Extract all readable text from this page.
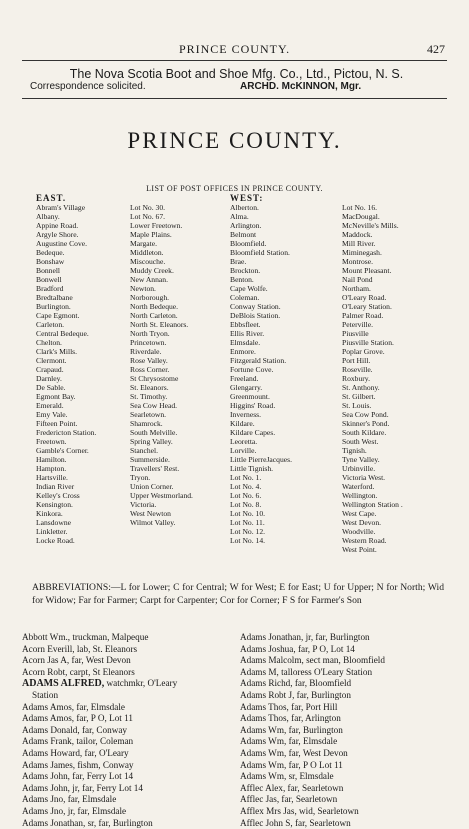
PRINCE COUNTY.	427
The Nova Scotia Boot and Shoe Mfg. Co., Ltd., Pictou, N. S.
Correspondence solicited.	ARCHD. McKINNON, Mgr.
PRINCE COUNTY.
LIST OF POST OFFICES IN PRINCE COUNTY.
EAST.
Abram's Village
Albany.
Appine Road.
Argyle Shore.
Augustine Cove.
Bedeque.
Bonshaw
Bonnell
Bonwell
Bradford
Bredtalbane
Burlington.
Cape Egmont.
Carleton.
Central Bedeque.
Chelton.
Clark's Mills.
Clermont.
Crapaud.
Darnley.
De Sable.
Egmont Bay.
Emerald.
Emy Vale.
Fifteen Point.
Fredericton Station.
Freetown.
Gamble's Corner.
Hamilton.
Hampton.
Hartsville.
Indian River
Kelley's Cross
Kensington.
Kinkora.
Lansdowne
Linkletter.
Locke Road.
Lot No. 30.
Lot No. 67.
Lower Freetown.
Maple Plains.
Margate.
Middleton.
Miscouche.
Muddy Creek.
New Annan.
Newton.
Norborough.
North Bedeque.
North Carleton.
North St. Eleanors.
North Tryon.
Princetown.
Riverdale.
Rose Valley.
Ross Corner.
St Chrysostome
St. Eleanors.
St. Timothy.
Sea Cow Head.
Searletown.
Shamrock.
South Melville.
Spring Valley.
Stanchel.
Summerside.
Travellers' Rest.
Tryon.
Union Corner.
Upper Westmorland.
Victoria.
West Newton
Wilmot Valley.
WEST:
Alberton.
Alma.
Arlington.
Belmont
Bloomfield.
Bloomfield Station.
Brae.
Brockton.
Benton.
Cape Wolfe.
Coleman.
Conway Station.
DeBlois Station.
Ebbsfleet.
Ellis River.
Elmsdale.
Enmore.
Fitzgerald Station.
Fortune Cove.
Freeland.
Glengarry.
Greenmount.
Higgins' Road.
Inverness.
Kildare.
Kildare Capes.
Leoretta.
Lorville.
Little PierreJacques.
Little Tignish.
Lot No. 1.
Lot No. 4.
Lot No. 6.
Lot No. 8.
Lot No. 10.
Lot No. 11.
Lot No. 12.
Lot No. 14.
Lot No. 16.
MacDougal.
McNeville's Mills.
Maddock.
Mill River.
Miminegash.
Montrose.
Mount Pleasant.
Nail Pond
Northam.
O'Leary Road.
O'Leary Station.
Palmer Road.
Peterville.
Piusville
Piusville Station.
Poplar Grove.
Port Hill.
Roseville.
Roxbury.
St. Anthony.
St. Gilbert.
St. Louis.
Sea Cow Pond.
Skinner's Pond.
South Kildare.
South West.
Tignish.
Tyne Valley.
Urbinville.
Victoria West.
Waterford.
Wellington.
Wellington Station .
West Cape.
West Devon.
Woodville.
Western Road.
West Point.
ABBREVIATIONS:—L for Lower; C for Central; W for West; E for East; U for Upper; N for North; Wid for Widow; Far for Farmer; Carpt for Carpenter; Cor for Corner; F S for Farmer's Son
Abbott Wm., truckman, Malpeque
Acorn Everill, lab, St. Eleanors
Acorn Jas A, far, West Devon
Acorn Robt, carpt, St Eleanors
ADAMS ALFRED, watchmkr, O'Leary
Station
Adams Amos, far, Elmsdale
Adams Amos, far, P O, Lot 11
Adams Donald, far, Conway
Adams Frank, tailor, Coleman
Adams Howard, far, O'Leary
Adams James, fishm, Conway
Adams John, far, Ferry Lot 14
Adams John, jr, far, Ferry Lot 14
Adams Jno, far, Elmsdale
Adams Jno, jr, far, Elmsdale
Adams Jonathan, sr, far, Burlington
Adams Jonathan, jr, far, Burlington
Adams Joshua, far, P O, Lot 14
Adams Malcolm, sect man, Bloomfield
Adams M, talloress O'Leary Station
Adams Richd, far, Bloomfield
Adams Robt J, far, Burlington
Adams Thos, far, Port Hill
Adams Thos, far, Arlington
Adams Wm, far, Burlington
Adams Wm, far, Elmsdale
Adams Wm, far, West Devon
Adams Wm, far, P O Lot 11
Adams Wm, sr, Elmsdale
Afflec Alex, far, Searletown
Afflec Jas, far, Searletown
Afflex Mrs Jas, wid, Searletown
Afflec John S, far, Searletown
